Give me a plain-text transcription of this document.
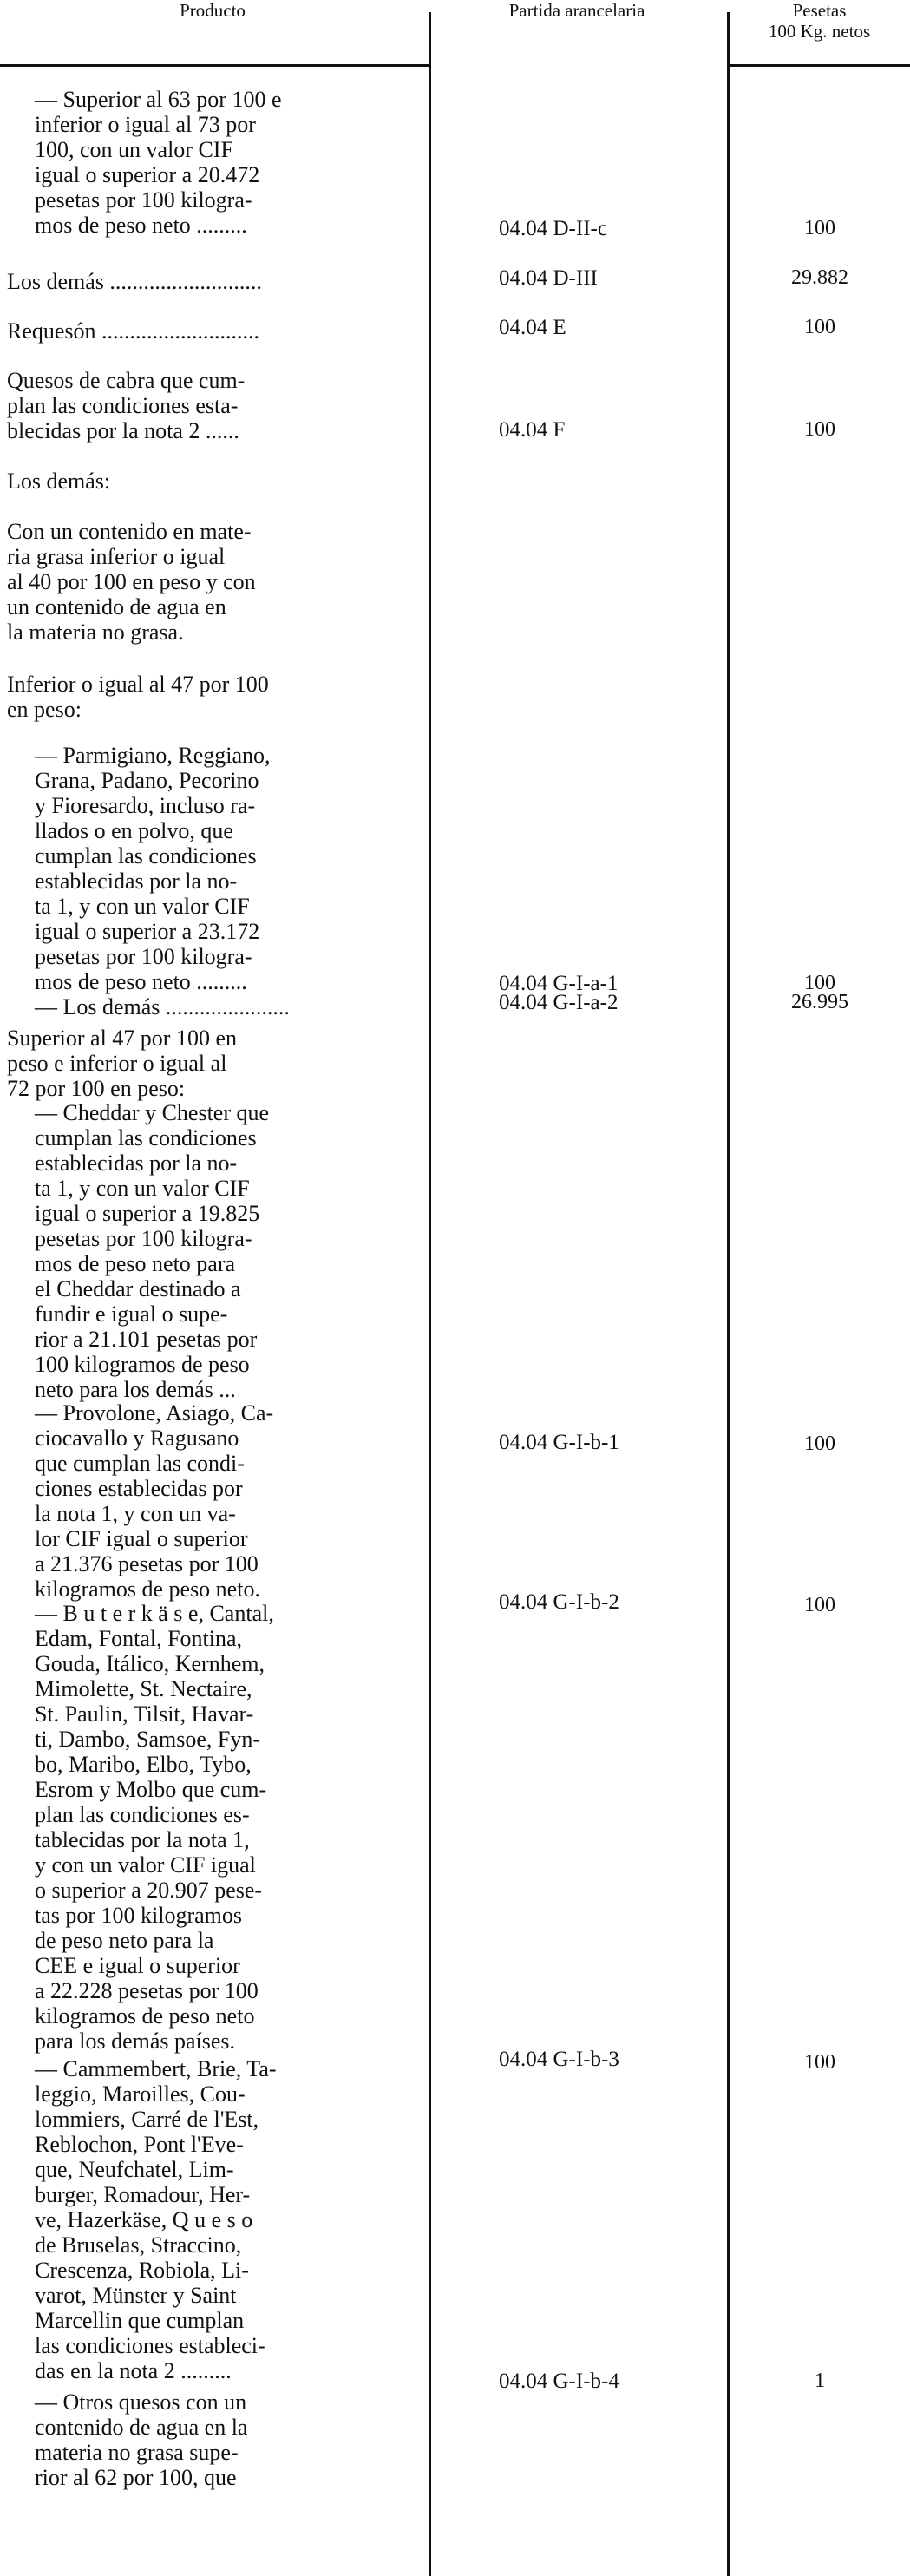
Producto	Partida arancelaria	Pesetas
100 Kg. netos
— Superior al 63 por 100 e
inferior o igual al 73 por
100, con un valor CIF
igual o superior a 20.472
pesetas por 100 kilogra-
mos de peso neto .........	04.04 D-II-c	100
Los demás ...........................	04.04 D-III	29.882
Requesón ............................	04.04 E	100
Quesos de cabra que cum-
plan las condiciones esta-
blecidas por la nota 2 ......	04.04 F	100
Los demás:
Con un contenido en mate-
ria grasa inferior o igual
al 40 por 100 en peso y con
un contenido de agua en
la materia no grasa.
Inferior o igual al 47 por 100
en peso:
— Parmigiano, Reggiano,
Grana, Padano, Pecorino
y Fioresardo, incluso ra-
llados o en polvo, que
cumplan las condiciones
establecidas por la no-
ta 1, y con un valor CIF
igual o superior a 23.172
pesetas por 100 kilogra-
mos de peso neto .........	04.04 G-I-a-1	100
— Los demás ......................	04.04 G-I-a-2	26.995
Superior al 47 por 100 en
peso e inferior o igual al
72 por 100 en peso:
— Cheddar y Chester que
cumplan las condiciones
establecidas por la no-
ta 1, y con un valor CIF
igual o superior a 19.825
pesetas por 100 kilogra-
mos de peso neto para
el Cheddar destinado a
fundir e igual o supe-
rior a 21.101 pesetas por
100 kilogramos de peso
neto para los demás ...
04.04 G-I-b-1	100
— Provolone, Asiago, Ca-
ciocavallo y Ragusano
que cumplan las condi-
ciones establecidas por
la nota 1, y con un va-
lor CIF igual o superior
a 21.376 pesetas por 100
kilogramos de peso neto.
04.04 G-I-b-2	100
— B u t e r k ä s e, Cantal,
Edam, Fontal, Fontina,
Gouda, Itálico, Kernhem,
Mimolette, St. Nectaire,
St. Paulin, Tilsit, Havar-
ti, Dambo, Samsoe, Fyn-
bo, Maribo, Elbo, Tybo,
Esrom y Molbo que cum-
plan las condiciones es-
tablecidas por la nota 1,
y con un valor CIF igual
o superior a 20.907 pese-
tas por 100 kilogramos
de peso neto para la
CEE e igual o superior
a 22.228 pesetas por 100
kilogramos de peso neto
para los demás países.
04.04 G-I-b-3	100
— Cammembert, Brie, Ta-
leggio, Maroilles, Cou-
lommiers, Carré de l'Est,
Reblochon, Pont l'Eve-
que, Neufchatel, Lim-
burger, Romadour, Her-
ve, Hazerkäse, Q u e s o
de Bruselas, Straccino,
Crescenza, Robiola, Li-
varot, Münster y Saint
Marcellin que cumplan
las condiciones estableci-
das en la nota 2 .........	04.04 G-I-b-4	1
— Otros quesos con un
contenido de agua en la
materia no grasa supe-
rior al 62 por 100, que
